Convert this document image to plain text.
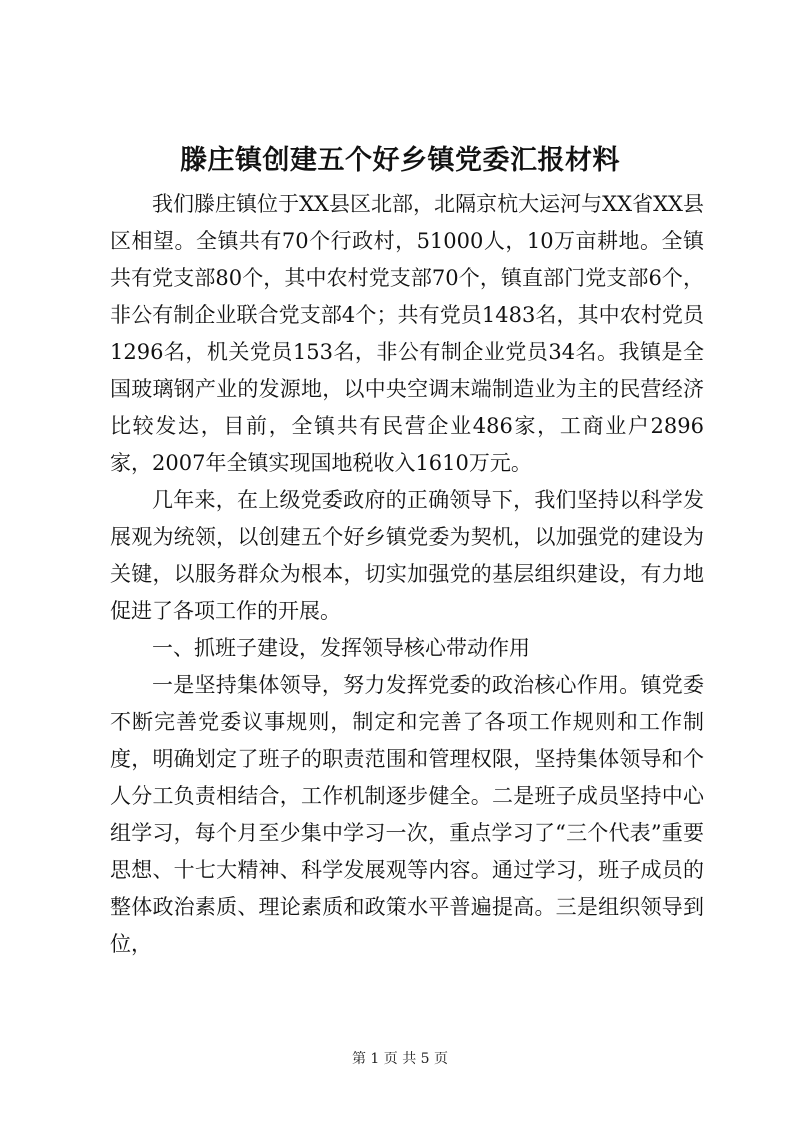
滕庄镇创建五个好乡镇党委汇报材料

我们滕庄镇位于XX县区北部，北隔京杭大运河与XX省XX县区相望。全镇共有70个行政村，51000人，10万亩耕地。全镇共有党支部80个，其中农村党支部70个，镇直部门党支部6个，非公有制企业联合党支部4个；共有党员1483名，其中农村党员1296名，机关党员153名，非公有制企业党员34名。我镇是全国玻璃钢产业的发源地，以中央空调末端制造业为主的民营经济比较发达，目前，全镇共有民营企业486家，工商业户2896家，2007年全镇实现国地税收入1610万元。

几年来，在上级党委政府的正确领导下，我们坚持以科学发展观为统领，以创建五个好乡镇党委为契机，以加强党的建设为关键，以服务群众为根本，切实加强党的基层组织建设，有力地促进了各项工作的开展。

一、抓班子建设，发挥领导核心带动作用

一是坚持集体领导，努力发挥党委的政治核心作用。镇党委不断完善党委议事规则，制定和完善了各项工作规则和工作制度，明确划定了班子的职责范围和管理权限，坚持集体领导和个人分工负责相结合，工作机制逐步健全。二是班子成员坚持中心组学习，每个月至少集中学习一次，重点学习了“三个代表”重要思想、十七大精神、科学发展观等内容。通过学习，班子成员的整体政治素质、理论素质和政策水平普遍提高。三是组织领导到位，

第 1 页 共 5 页
